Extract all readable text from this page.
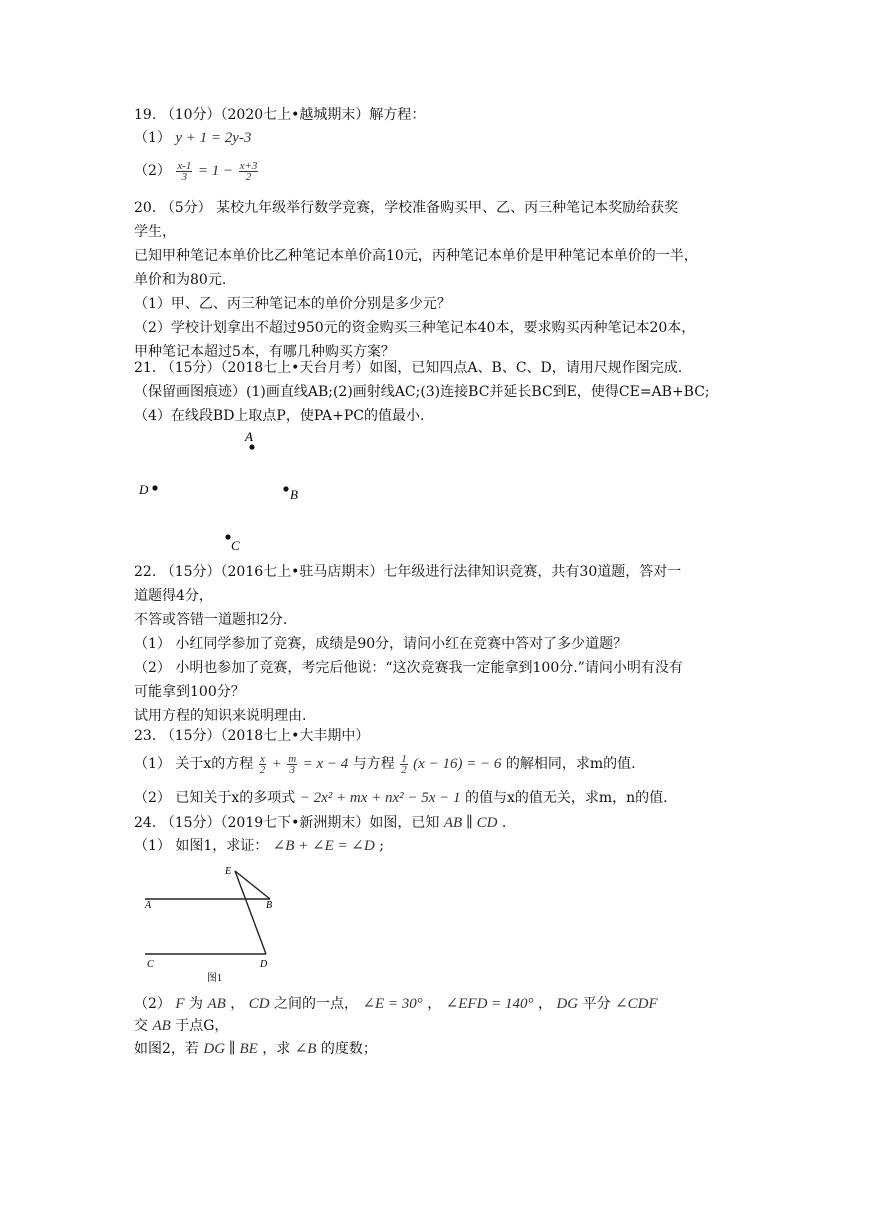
19. （10分）（2020七上•越城期末）解方程：
（1） y + 1 = 2y-3
$(2) \frac{x-1}{3} = 1 - \frac{x+3}{2}$
20. （5分） 某校九年级举行数学竞赛，学校准备购买甲、乙、丙三种笔记本奖励给获奖
学生，
已知甲种笔记本单价比乙种笔记本单价高10元，丙种笔记本单价是甲种笔记本单价的一半，
单价和为80元.
（1）甲、乙、丙三种笔记本的单价分别是多少元？
（2）学校计划拿出不超过950元的资金购买三种笔记本40本，要求购买丙种笔记本20本，
甲种笔记本超过5本，有哪几种购买方案？
21. （15分）（2018七上•天台月考）如图，已知四点A、B、C、D，请用尺规作图完成.
（保留画图痕迹）(1)画直线AB;(2)画射线AC;(3)连接BC并延长BC到E，使得CE=AB+BC;
（4）在线段BD上取点P，使PA+PC的值最小.
A
D	B
C
22. （15分）（2016七上•驻马店期末）七年级进行法律知识竞赛，共有30道题，答对一
道题得4分，
不答或答错一道题扣2分.
（1） 小红同学参加了竞赛，成绩是90分，请问小红在竞赛中答对了多少道题？
（2） 小明也参加了竞赛，考完后他说：“这次竞赛我一定能拿到100分.”请问小明有没有
可能拿到100分？
试用方程的知识来说明理由.
23. （15分）（2018七上•大丰期中）
（1） 关于x的方程 $\frac{x}{2} + \frac{m}{3} = x - 4$ 与方程 $\frac{1}{2} (x - 16)$ = − 6 的解相同，求m的值.
（2） 已知关于x的多项式 − 2x² + mx + nx² − 5x − 1 的值与x的值无关，求m，n的值.
24. （15分）（2019七下•新洲期末）如图，已知 AB ∥ CD .
（1） 如图1，求证： ∠B + ∠E = ∠D ;
E
A	B
C	D
图1
（2） F 为 AB ， CD 之间的一点， ∠E = 30° ， ∠EFD = 140° ， DG 平分 ∠CDF
交 AB 于点G，
如图2，若 DG ∥ BE ，求 ∠B 的度数；
